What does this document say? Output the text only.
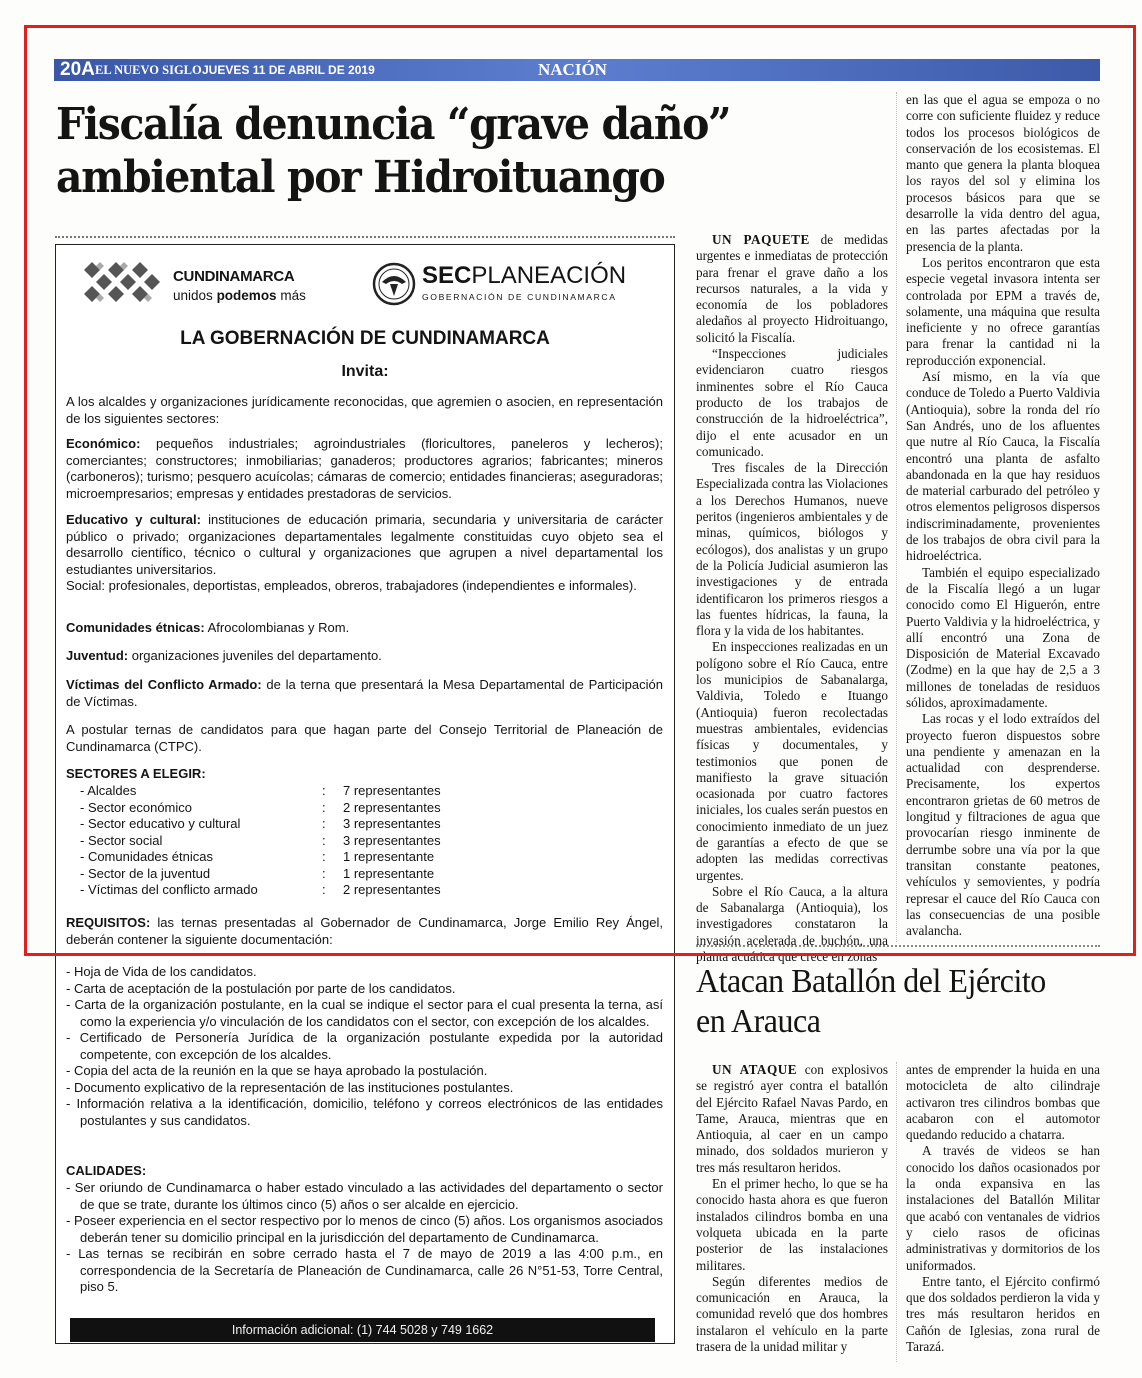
20A EL NUEVO SIGLO JUEVES 11 DE ABRIL DE 2019	NACIÓN
Fiscalía denuncia “grave daño” ambiental por Hidroituango
CUNDINAMARCA
unidos podemos más
SECPLANEACIÓN
GOBERNACIÓN DE CUNDINAMARCA
LA GOBERNACIÓN DE CUNDINAMARCA
Invita:

A los alcaldes y organizaciones jurídicamente reconocidas, que agremien o asocien, en representación de los siguientes sectores:

Económico: pequeños industriales; agroindustriales (floricultores, paneleros y lecheros); comerciantes; constructores; inmobiliarias; ganaderos; productores agrarios; fabricantes; mineros (carboneros); turismo; pesquero acuícolas; cámaras de comercio; entidades financieras; aseguradoras; microempresarios; empresas y entidades prestadoras de servicios.

Educativo y cultural: instituciones de educación primaria, secundaria y universitaria de carácter público o privado; organizaciones departamentales legalmente constituidas cuyo objeto sea el desarrollo científico, técnico o cultural y organizaciones que agrupen a nivel departamental los estudiantes universitarios.

Social: profesionales, deportistas, empleados, obreros, trabajadores (independientes e informales).

Comunidades étnicas: Afrocolombianas y Rom.

Juventud: organizaciones juveniles del departamento.

Víctimas del Conflicto Armado: de la terna que presentará la Mesa Departamental de Participación de Víctimas.

A postular ternas de candidatos para que hagan parte del Consejo Territorial de Planeación de Cundinamarca (CTPC).

SECTORES A ELEGIR:
- Alcaldes	: 7 representantes
- Sector económico	: 2 representantes
- Sector educativo y cultural	: 3 representantes
- Sector social	: 3 representantes
- Comunidades étnicas	: 1 representante
- Sector de la juventud	: 1 representante
- Víctimas del conflicto armado	: 2 representantes

REQUISITOS: las ternas presentadas al Gobernador de Cundinamarca, Jorge Emilio Rey Ángel, deberán contener la siguiente documentación:

- Hoja de Vida de los candidatos.

- Carta de aceptación de la postulación por parte de los candidatos.

- Carta de la organización postulante, en la cual se indique el sector para el cual presenta la terna, así como la experiencia y/o vinculación de los candidatos con el sector, con excepción de los alcaldes.

- Certificado de Personería Jurídica de la organización postulante expedida por la autoridad competente, con excepción de los alcaldes.

- Copia del acta de la reunión en la que se haya aprobado la postulación.

- Documento explicativo de la representación de las instituciones postulantes.

- Información relativa a la identificación, domicilio, teléfono y correos electrónicos de las entidades postulantes y sus candidatos.

CALIDADES:

- Ser oriundo de Cundinamarca o haber estado vinculado a las actividades del departamento o sector de que se trate, durante los últimos cinco (5) años o ser alcalde en ejercicio.

- Poseer experiencia en el sector respectivo por lo menos de cinco (5) años. Los organismos asociados deberán tener su domicilio principal en la jurisdicción del departamento de Cundinamarca.

- Las ternas se recibirán en sobre cerrado hasta el 7 de mayo de 2019 a las 4:00 p.m., en correspondencia de la Secretaría de Planeación de Cundinamarca, calle 26 N°51-53, Torre Central, piso 5.

Información adicional: (1) 744 5028 y 749 1662

UN PAQUETE de medidas urgentes e inmediatas de protección para frenar el grave daño a los recursos naturales, a la vida y economía de los pobladores aledaños al proyecto Hidroituango, solicitó la Fiscalía.

“Inspecciones judiciales evidenciaron cuatro riesgos inminentes sobre el Río Cauca producto de los trabajos de construcción de la hidroeléctrica”, dijo el ente acusador en un comunicado.

Tres fiscales de la Dirección Especializada contra las Violaciones a los Derechos Humanos, nueve peritos (ingenieros ambientales y de minas, químicos, biólogos y ecólogos), dos analistas y un grupo de la Policía Judicial asumieron las investigaciones y de entrada identificaron los primeros riesgos a las fuentes hídricas, la fauna, la flora y la vida de los habitantes.

En inspecciones realizadas en un polígono sobre el Río Cauca, entre los municipios de Sabanalarga, Valdivia, Toledo e Ituango (Antioquia) fueron recolectadas muestras ambientales, evidencias físicas y documentales, y testimonios que ponen de manifiesto la grave situación ocasionada por cuatro factores iniciales, los cuales serán puestos en conocimiento inmediato de un juez de garantías a efecto de que se adopten las medidas correctivas urgentes.

Sobre el Río Cauca, a la altura de Sabanalarga (Antioquia), los investigadores constataron la invasión acelerada de buchón, una planta acuática que crece en zonas

en las que el agua se empoza o no corre con suficiente fluidez y reduce todos los procesos biológicos de conservación de los ecosistemas. El manto que genera la planta bloquea los rayos del sol y elimina los procesos básicos para que se desarrolle la vida dentro del agua, en las partes afectadas por la presencia de la planta.

Los peritos encontraron que esta especie vegetal invasora intenta ser controlada por EPM a través de, solamente, una máquina que resulta ineficiente y no ofrece garantías para frenar la cantidad ni la reproducción exponencial.

Así mismo, en la vía que conduce de Toledo a Puerto Valdivia (Antioquia), sobre la ronda del río San Andrés, uno de los afluentes que nutre al Río Cauca, la Fiscalía encontró una planta de asfalto abandonada en la que hay residuos de material carburado del petróleo y otros elementos peligrosos dispersos indiscriminadamente, provenientes de los trabajos de obra civil para la hidroeléctrica.

También el equipo especializado de la Fiscalía llegó a un lugar conocido como El Higuerón, entre Puerto Valdivia y la hidroeléctrica, y allí encontró una Zona de Disposición de Material Excavado (Zodme) en la que hay de 2,5 a 3 millones de toneladas de residuos sólidos, aproximadamente.

Las rocas y el lodo extraídos del proyecto fueron dispuestos sobre una pendiente y amenazan en la actualidad con desprenderse. Precisamente, los expertos encontraron grietas de 60 metros de longitud y filtraciones de agua que provocarían riesgo inminente de derrumbe sobre una vía por la que transitan constante peatones, vehículos y semovientes, y podría represar el cauce del Río Cauca con las consecuencias de una posible avalancha.

Atacan Batallón del Ejército en Arauca

UN ATAQUE con explosivos se registró ayer contra el batallón del Ejército Rafael Navas Pardo, en Tame, Arauca, mientras que en Antioquia, al caer en un campo minado, dos soldados murieron y tres más resultaron heridos.

En el primer hecho, lo que se ha conocido hasta ahora es que fueron instalados cilindros bomba en una volqueta ubicada en la parte posterior de las instalaciones militares.

Según diferentes medios de comunicación en Arauca, la comunidad reveló que dos hombres instalaron el vehículo en la parte trasera de la unidad militar y

antes de emprender la huida en una motocicleta de alto cilindraje activaron tres cilindros bombas que acabaron con el automotor quedando reducido a chatarra.

A través de videos se han conocido los daños ocasionados por la onda expansiva en las instalaciones del Batallón Militar que acabó con ventanales de vidrios y cielo rasos de oficinas administrativas y dormitorios de los uniformados.

Entre tanto, el Ejército confirmó que dos soldados perdieron la vida y tres más resultaron heridos en Cañón de Iglesias, zona rural de Tarazá.
